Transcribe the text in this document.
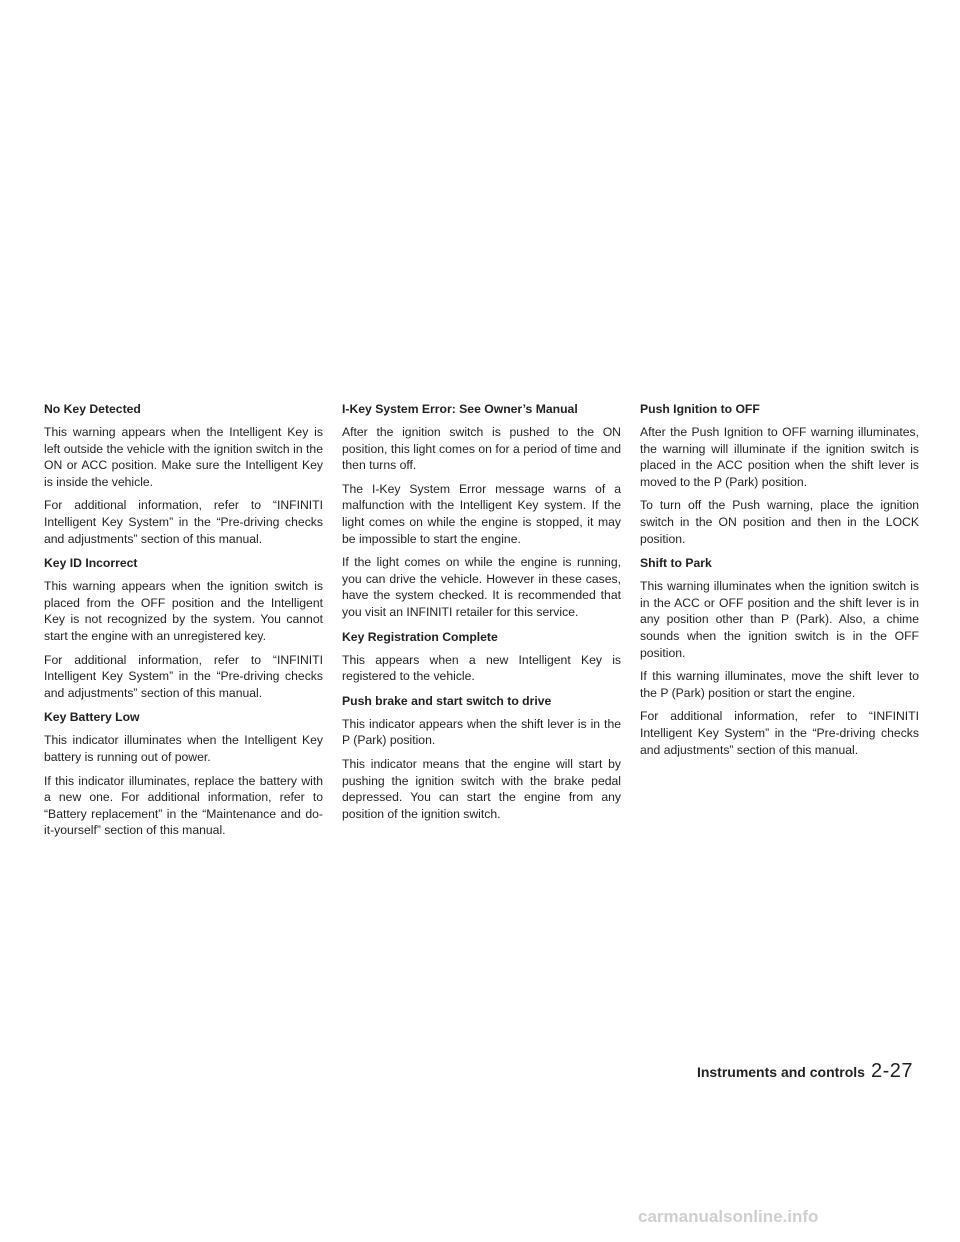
No Key Detected

This warning appears when the Intelligent Key is left outside the vehicle with the ignition switch in the ON or ACC position. Make sure the Intelligent Key is inside the vehicle.

For additional information, refer to “INFINITI Intelligent Key System” in the “Pre-driving checks and adjustments” section of this manual.

Key ID Incorrect

This warning appears when the ignition switch is placed from the OFF position and the Intelligent Key is not recognized by the system. You cannot start the engine with an unregistered key.

For additional information, refer to “INFINITI Intelligent Key System” in the “Pre-driving checks and adjustments” section of this manual.

Key Battery Low

This indicator illuminates when the Intelligent Key battery is running out of power.

If this indicator illuminates, replace the battery with a new one. For additional information, refer to “Battery replacement” in the “Maintenance and do-it-yourself” section of this manual.

I-Key System Error: See Owner’s Manual

After the ignition switch is pushed to the ON position, this light comes on for a period of time and then turns off.

The I-Key System Error message warns of a malfunction with the Intelligent Key system. If the light comes on while the engine is stopped, it may be impossible to start the engine.

If the light comes on while the engine is running, you can drive the vehicle. However in these cases, have the system checked. It is recommended that you visit an INFINITI retailer for this service.

Key Registration Complete

This appears when a new Intelligent Key is registered to the vehicle.

Push brake and start switch to drive

This indicator appears when the shift lever is in the P (Park) position.

This indicator means that the engine will start by pushing the ignition switch with the brake pedal depressed. You can start the engine from any position of the ignition switch.

Push Ignition to OFF

After the Push Ignition to OFF warning illuminates, the warning will illuminate if the ignition switch is placed in the ACC position when the shift lever is moved to the P (Park) position.

To turn off the Push warning, place the ignition switch in the ON position and then in the LOCK position.

Shift to Park

This warning illuminates when the ignition switch is in the ACC or OFF position and the shift lever is in any position other than P (Park). Also, a chime sounds when the ignition switch is in the OFF position.

If this warning illuminates, move the shift lever to the P (Park) position or start the engine.

For additional information, refer to “INFINITI Intelligent Key System” in the “Pre-driving checks and adjustments” section of this manual.

Instruments and controls 2-27
carmanualsonline.info
